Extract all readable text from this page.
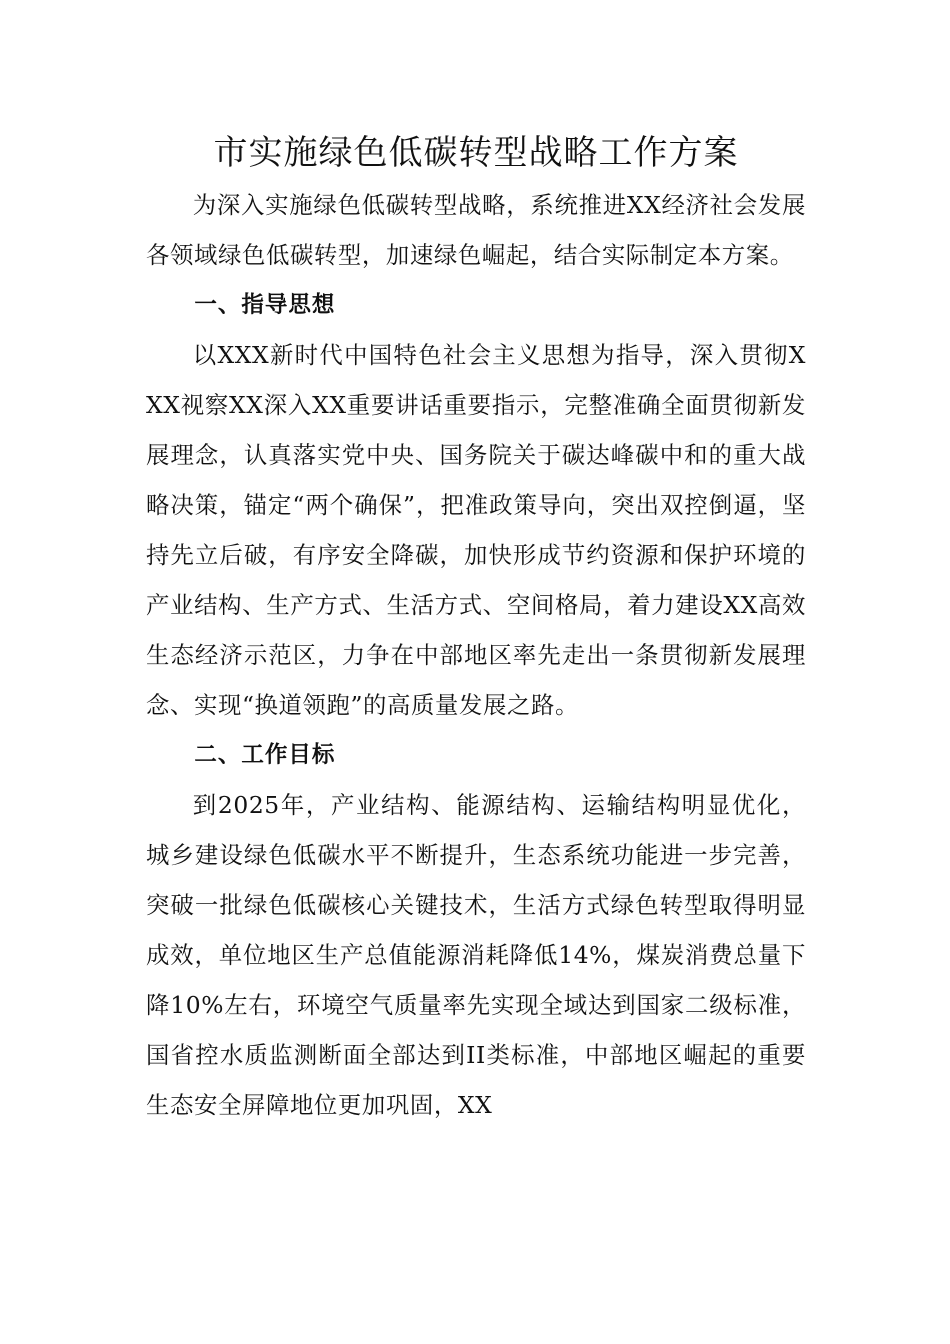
市实施绿色低碳转型战略工作方案

为深入实施绿色低碳转型战略，系统推进XX经济社会发展各领域绿色低碳转型，加速绿色崛起，结合实际制定本方案。

一、指导思想

以XXX新时代中国特色社会主义思想为指导，深入贯彻XXX视察XX深入XX重要讲话重要指示，完整准确全面贯彻新发展理念，认真落实党中央、国务院关于碳达峰碳中和的重大战略决策，锚定“两个确保”，把准政策导向，突出双控倒逼，坚持先立后破，有序安全降碳，加快形成节约资源和保护环境的产业结构、生产方式、生活方式、空间格局，着力建设XX高效生态经济示范区，力争在中部地区率先走出一条贯彻新发展理念、实现“换道领跑”的高质量发展之路。

二、工作目标

到2025年，产业结构、能源结构、运输结构明显优化，城乡建设绿色低碳水平不断提升，生态系统功能进一步完善，突破一批绿色低碳核心关键技术，生活方式绿色转型取得明显成效，单位地区生产总值能源消耗降低14%，煤炭消费总量下降10%左右，环境空气质量率先实现全域达到国家二级标准，国省控水质监测断面全部达到II类标准，中部地区崛起的重要生态安全屏障地位更加巩固，XX
